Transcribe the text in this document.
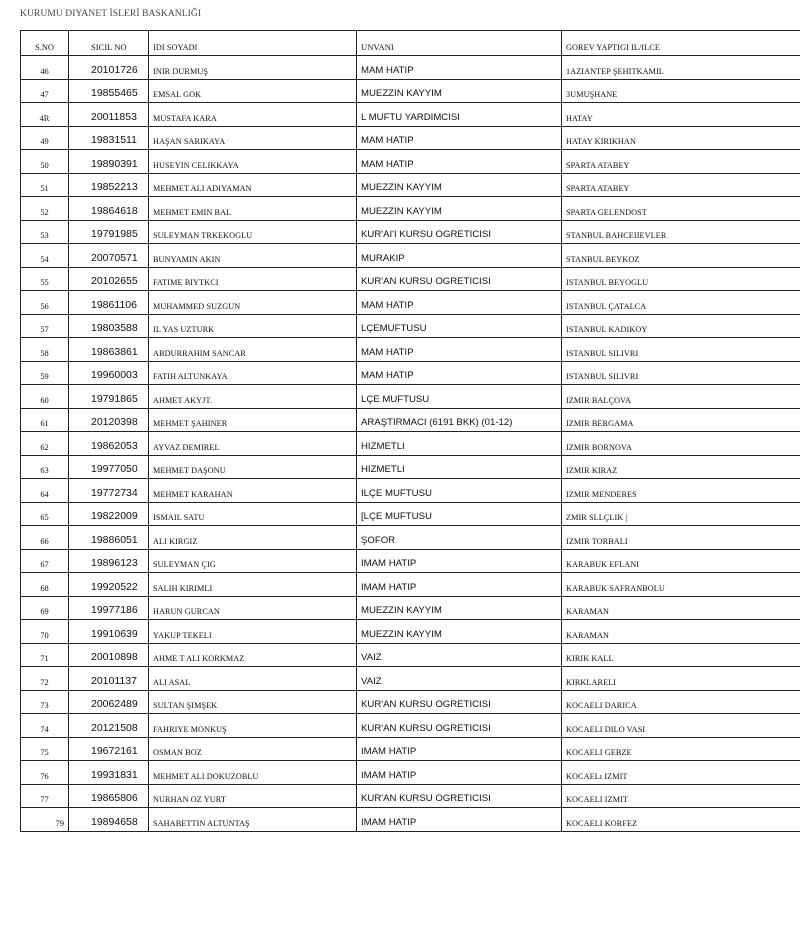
KURUMU DIYANET İSLERİ BASKANLIĞI
S.NO	SICIL NO	IDI SOYADI	UNVANI	GOREV YAPTIGI IL/ILCE
46	20101726	INIR DURMUŞ	MAM HATIP	1AZIANTEP ŞEHITKAMIL
47	19855465	EMSAL GOK	MUEZZIN KAYYIM	3UMUŞHANE
4R	20011853	MUSTAFA KARA	L MUFTU YARDIMCISI	HATAY
49	19831511	HAŞAN SARIKAYA	MAM HATIP	HATAY KIRIKHAN
50	19890391	HUSEYIN CELIKKAYA	MAM HATIP	SPARTA ATABEY
51	19852213	MEHMET ALI ADIYAMAN	MUEZZIN KAYYIM	SPARTA ATABEY
52	19864618	MEHMET EMIN BAL	MUEZZIN KAYYIM	SPARTA GELENDOST
53	19791985	SULEYMAN TRKEKOGLU	KUR'AI'I KURSU OGRETICISI	STANBUL BAHCEIIEVLER
54	20070571	BUNYAMIN AKIN	MURAKIP	STANBUL BEYKOZ
55	20102655	FATIME BIYTKCI	KUR'AN KURSU OGRETICISI	ISTANBUL BEYOGLU
56	19861106	MUHAMMED SUZGUN	MAM HATIP	ISTANBUL ÇATALCA
57	19803588	IL YAS UZTURK	LÇEMUFTUSU	ISTANBUL KADIKOY
58	19863861	ABDURRAHIM SANCAR	MAM HATIP	ISTANBUL SILIVRI
59	19960003	FATIH ALTUNKAYA	MAM HATIP	ISTANBUL SILIVRI
60	19791865	AHMET AKYJT.	LÇE MUFTUSU	IZMIR BALÇOVA
61	20120398	MEHMET ŞAHINER	ARAŞTIRMACI (6191 BKK) (01-12)	IZMIR BERGAMA
62	19862053	AYVAZ DEMIREL	HIZMETLI	IZMIR BORNOVA
63	19977050	MEHMET DAŞONU	HIZMETLI	IZMIR KIRAZ
64	19772734	MEHMET KARAHAN	ILÇE MUFTUSU	IZMIR MENDERES
65	19822009	ISMAIL SATU	[LÇE MUFTUSU	ZMIR SLLÇLIK |
66	19886051	ALI KIRGIZ	ŞOFOR	IZMIR TORBALI
67	19896123	SULEYMAN ÇIG	IMAM HATIP	KARABUK EFLANI
68	19920522	SALIH KIRIMLI	IMAM HATIP	KARABUK SAFRANBOLU
69	19977186	HARUN GURCAN	MUEZZIN KAYYIM	KARAMAN
70	19910639	YAKUP TEKELI	MUEZZIN KAYYIM	KARAMAN
71	20010898	AHME T ALI KORKMAZ	VAIZ	KIRIK KALL
72	20101137	ALI ASAL	VAIZ	KIRKLARELI
73	20062489	SULTAN ŞIMŞEK	KUR'AN KURSU OGRETICISI	KOCAELI DARICA
74	20121508	FAHRIYE MONKUŞ	KUR'AN KURSU OGRETICISI	KOCAELI DILO VASI
75	19672161	OSMAN BOZ	IMAM HATIP	KOCAELI GEBZE
76	19931831	MEHMET ALI DOKUZOBLU	IMAM HATIP	KOCAELı IZMIT
77	19865806	NURHAN OZ YURT	KUR'AN KURSU OGRETICISI	KOCAELI IZMIT
79	19894658	SAHABETTIN ALTUNTAŞ	IMAM HATIP	KOCAELI KORFEZ
